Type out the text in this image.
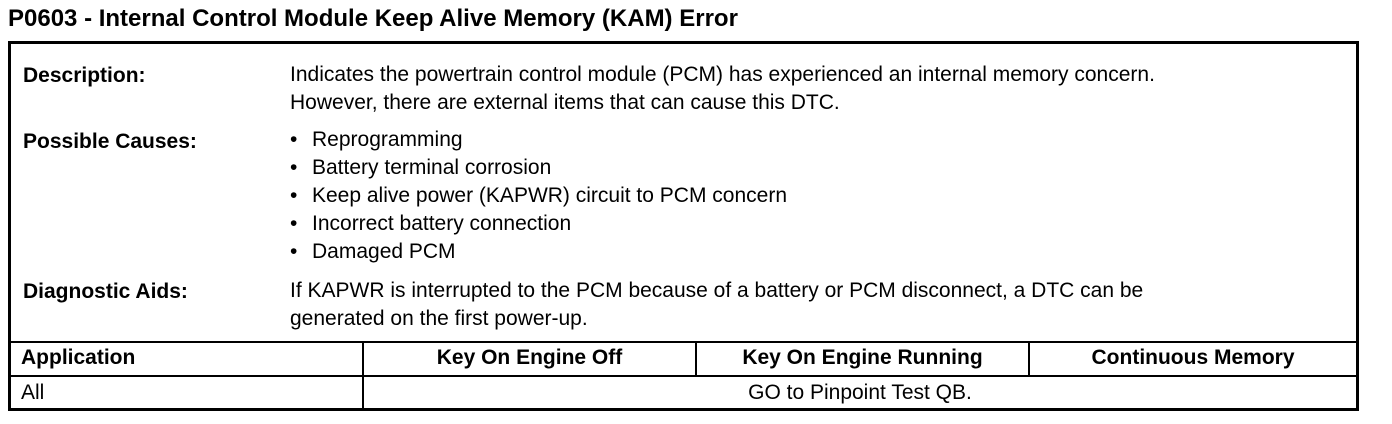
P0603 - Internal Control Module Keep Alive Memory (KAM) Error
Description:	Indicates the powertrain control module (PCM) has experienced an internal memory concern.
However, there are external items that can cause this DTC.
Possible Causes:
•	Reprogramming
• Battery terminal corrosion
• Keep alive power (KAPWR) circuit to PCM concern
• Incorrect battery connection
• Damaged PCM
Diagnostic Aids:	If KAPWR is interrupted to the PCM because of a battery or PCM disconnect, a DTC can be
generated on the first power-up.
Application	Key On Engine Off	Key On Engine Running	Continuous Memory
All	GO to Pinpoint Test QB.
